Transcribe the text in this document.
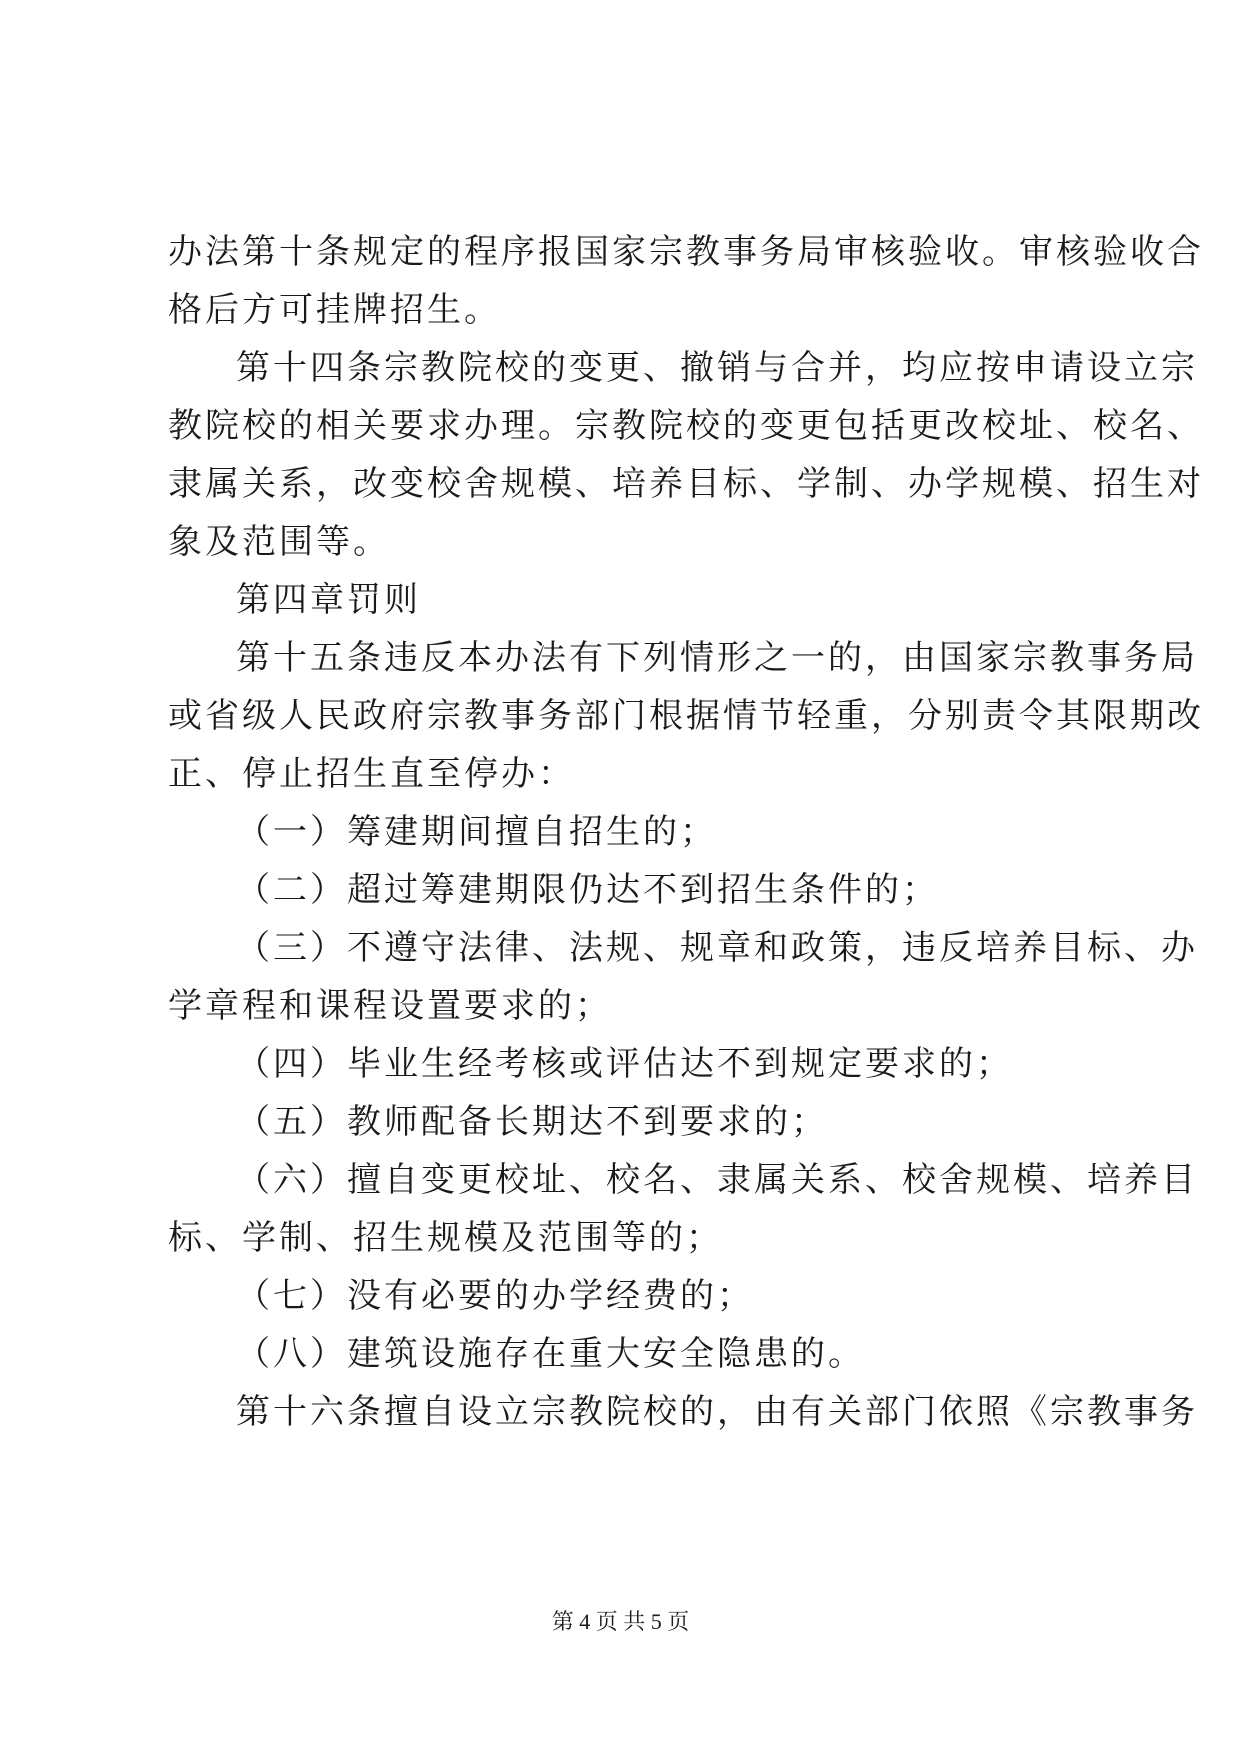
办法第十条规定的程序报国家宗教事务局审核验收。审核验收合
格后方可挂牌招生。
第十四条宗教院校的变更、撤销与合并，均应按申请设立宗
教院校的相关要求办理。宗教院校的变更包括更改校址、校名、
隶属关系，改变校舍规模、培养目标、学制、办学规模、招生对
象及范围等。
第四章罚则
第十五条违反本办法有下列情形之一的，由国家宗教事务局
或省级人民政府宗教事务部门根据情节轻重，分别责令其限期改
正、停止招生直至停办：
（一）筹建期间擅自招生的；
（二）超过筹建期限仍达不到招生条件的；
（三）不遵守法律、法规、规章和政策，违反培养目标、办
学章程和课程设置要求的；
（四）毕业生经考核或评估达不到规定要求的；
（五）教师配备长期达不到要求的；
（六）擅自变更校址、校名、隶属关系、校舍规模、培养目
标、学制、招生规模及范围等的；
（七）没有必要的办学经费的；
（八）建筑设施存在重大安全隐患的。
第十六条擅自设立宗教院校的，由有关部门依照《宗教事务
第 4 页 共 5 页
